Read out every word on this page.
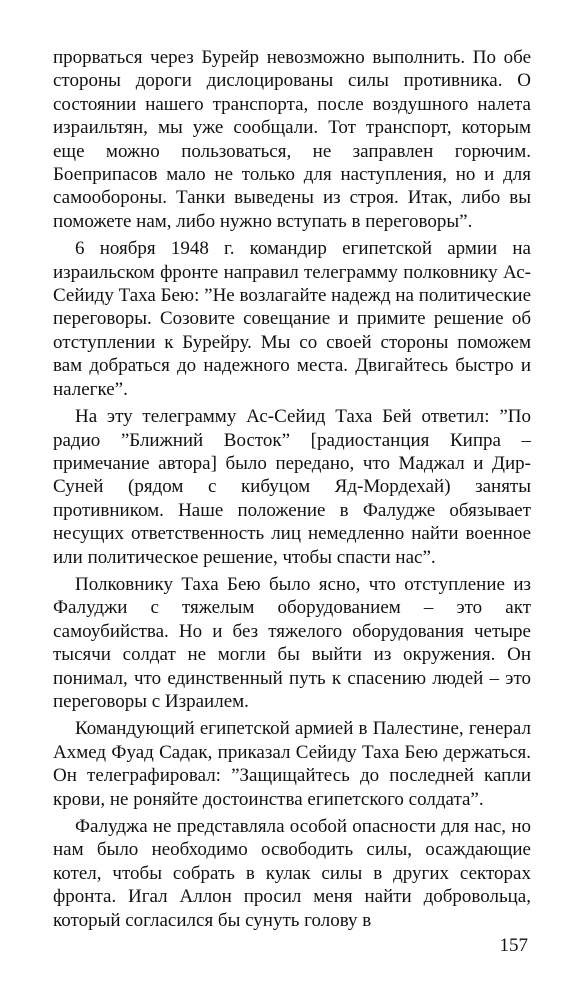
прорваться через Бурейр невозможно выполнить. По обе стороны дороги дислоцированы силы противника. О состоянии нашего транспорта, после воздушного налета израильтян, мы уже сообщали. Тот транспорт, которым еще можно пользоваться, не заправлен горючим. Боеприпасов мало не только для наступления, но и для самообороны. Танки выведены из строя. Итак, либо вы поможете нам, либо нужно вступать в переговоры”.

6 ноября 1948 г. командир египетской армии на израильском фронте направил телеграмму полковнику Ас-Сейиду Таха Бею: ”Не возлагайте надежд на политические переговоры. Созовите совещание и примите решение об отступлении к Бурейру. Мы со своей стороны поможем вам добраться до надежного места. Двигайтесь быстро и налегке”.

На эту телеграмму Ас-Сейид Таха Бей ответил: ”По радио ”Ближний Восток” [радиостанция Кипра – примечание автора] было передано, что Маджал и Дир-Суней (рядом с кибуцом Яд-Мордехай) заняты противником. Наше положение в Фалудже обязывает несущих ответственность лиц немедленно найти военное или политическое решение, чтобы спасти нас”.

Полковнику Таха Бею было ясно, что отступление из Фалуджи с тяжелым оборудованием – это акт самоубийства. Но и без тяжелого оборудования четыре тысячи солдат не могли бы выйти из окружения. Он понимал, что единственный путь к спасению людей – это переговоры с Израилем.

Командующий египетской армией в Палестине, генерал Ахмед Фуад Садак, приказал Сейиду Таха Бею держаться. Он телеграфировал: ”Защищайтесь до последней капли крови, не роняйте достоинства египетского солдата”.

Фалуджа не представляла особой опасности для нас, но нам было необходимо освободить силы, осаждающие котел, чтобы собрать в кулак силы в других секторах фронта. Игал Аллон просил меня найти добровольца, который согласился бы сунуть голову в

157
